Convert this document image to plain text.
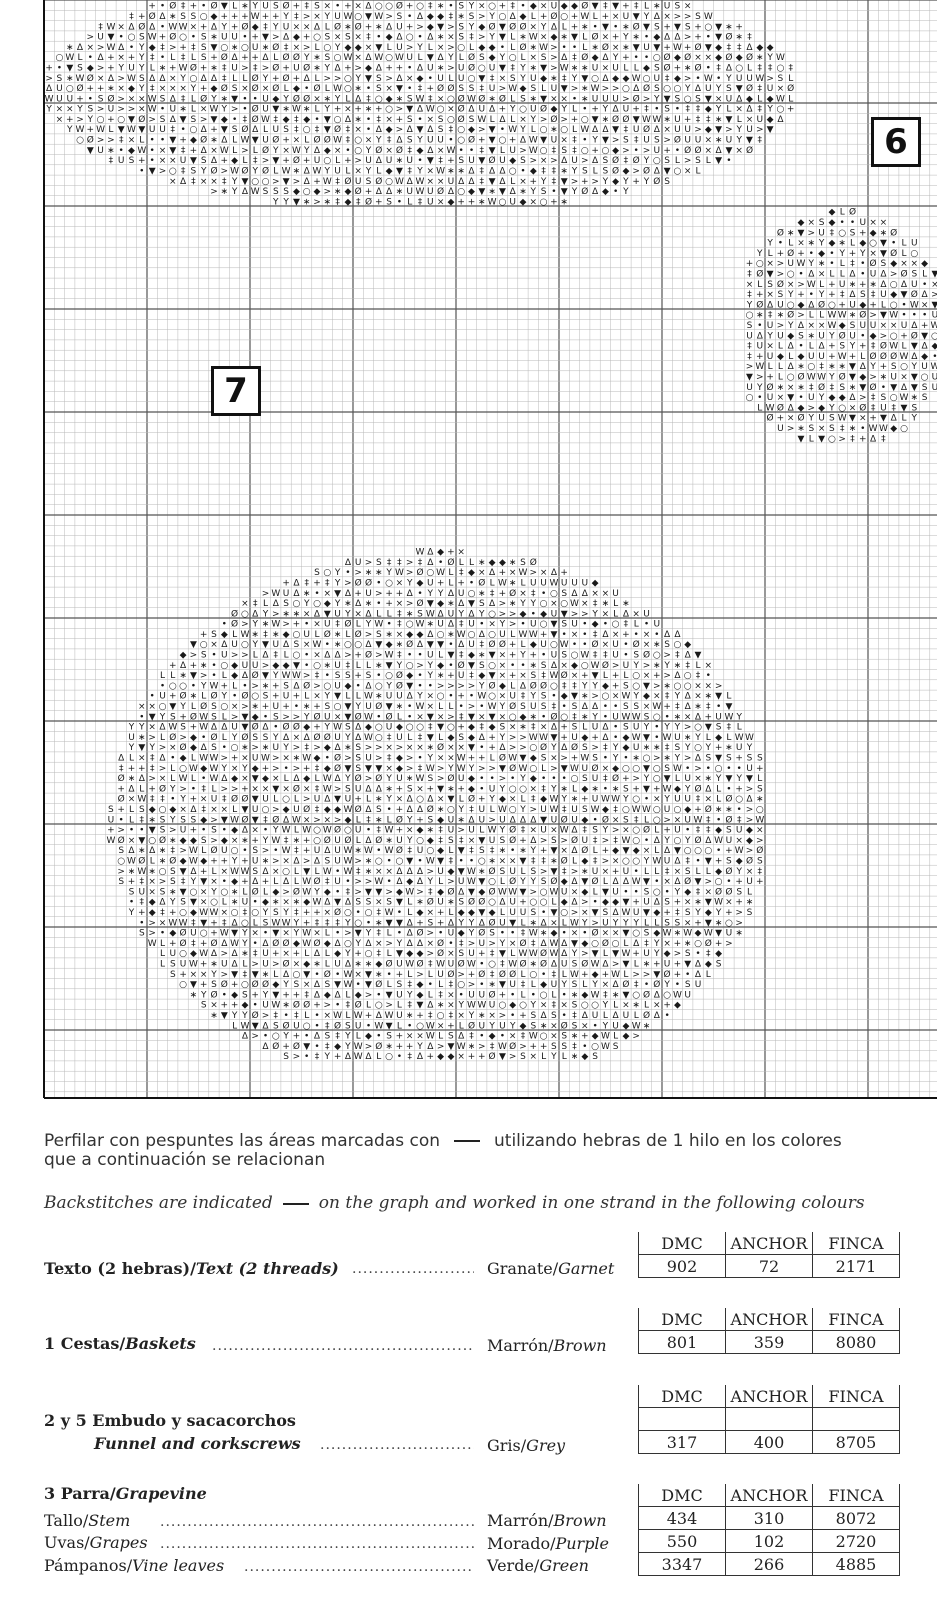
+ • Ø ‡ + • Ø ▼ L ∗ Y U S Ø + ‡ S × • + × Δ ○ ○ Ø + ○ ‡ ∗ • S Y × ○ + ‡ • ◆ × U ◆ ◆ Ø ▼ ‡ ▼ + ‡ L ∗ U S ×
‡ + Ø Δ ∗ S S ○ ◆ + + + W + + Y ‡ > × Y U W ○ ▼ W > S • Δ ◆ ◆ ‡ ∗ S > Y ○ Δ ◆ L + Ø ○ + W L + × U ▼ Y Δ × > > S W
‡ W × Δ Ø Δ • W W × + Δ Y + Ø ◆ ‡ Y U × × Δ L Ø ∗ Ø + ∗ Δ U + > ◆ ▼ > S Y ◆ Ø ▼ Ø Ø × Y Δ L + ∗ • ▼ • ∗ Ø ▼ S + ▼ S + ○ ▼ ∗ +
> U ▼ • ○ S W + Ø ○ • S ∗ U U • + ▼ > Δ ◆ + ○ S × S × ‡ • ◆ Δ ○ • Δ ∗ × S ‡ > Y ▼ L ∗ W × ◆ ∗ ▼ L Ø × + Y ∗ • ◆ Δ Δ > + • ▼ Ø ∗ ‡
∗ Δ × > W Δ • Y ◆ ‡ > + ‡ S ▼ ○ ∗ ○ U ∗ Ø ‡ × > L ○ Y ◆ ◆ × ▼ L U > Y L × > ○ L ◆ ◆ • L Ø ∗ W > • • L ∗ Ø × ∗ ▼ U ▼ + W + Ø ▼ ◆ ‡ ‡ Δ ◆ ◆
○ W L • Δ + × + Y ‡ • L ‡ L S + Ø Δ + + Δ L Ø Ø Y ∗ S ○ W × Δ W ○ W U L ▼ Δ Y L Ø S ◆ Y ○ L × S > Δ ‡ Ø ◆ Δ Y + • • ○ Ø ◆ Ø × × ◆ Ø ◆ Ø ∗ Y W
+ • ▼ S ◆ > + Y U Y L ∗ + W Ø + ∗ ‡ U > ‡ > Ø + U Ø ∗ Y Δ + > ◆ Δ + + • Δ U ∗ > U Ø ○ U ▼ ‡ Y ∗ ▼ > W ∗ ∗ U × U L L ◆ S Ø + ∗ Ø • ‡ Δ ○ L ‡ ‡ ○ ‡
> S ∗ W Ø × Δ > W S Δ Δ × Y ○ Δ Δ ‡ L L Ø Y + Ø + Δ L > > ○ Y ▼ S > Δ × ◆ • U L U ○ ▼ ‡ × S Y U ◆ ∗ ‡ Y ▼ ○ Δ ◆ ◆ W ○ U ‡ ◆ > • W • Y U U W > S L
Δ U ○ Ø + + ∗ × ◆ Y ‡ × × × Y + ◆ Ø S × Ø × Ø L ◆ • Ø L W ○ ∗ • S × ▼ • ‡ + Ø Ø S S ‡ U > W ◆ S L U ▼ > ∗ W > > ○ Δ Ø S ○ ○ Y Δ U Y S ▼ Ø ‡ U × Ø
W U U + • S Ø > × × W S Δ ‡ L Ø Y ∗ ▼ • • U ◆ Y Ø Ø × ∗ Y L Δ ‡ ○ ◆ ∗ S W ‡ × ○ Ø W Ø ∗ Ø L S ∗ ▼ × × • ∗ U U U > Ø > Y ▼ S ○ S ▼ × U Δ ◆ L ◆ W L
Y × × Y S > U > > × W • U ∗ L × W Y > • Ø U ▼ ∗ W ∗ L Y + × + ∗ + ○ > ▼ Δ W ○ × Ø Δ U Δ + Y ○ U Ø ◆ Y L • + Y Δ U + ‡ • S • ‡ ‡ ◆ Y L × Δ ‡ Y ○ +
× + > Y ○ + ○ ▼ Ø > S Δ ▼ S > ▼ ◆ • ‡ Ø W ‡ ◆ ‡ ◆ • ▼ ○ Δ ∗ • ‡ × + S • × S ○ Ø S W L Δ L × Y > Ø > + ○ ▼ ∗ Ø Ø ▼ W W ∗ U + ‡ ‡ ∗ ▼ L × U ◆ Δ
Y W + W L ▼ W ▼ U U ‡ • ○ Δ + ▼ S Ø Δ L U S ‡ ○ ‡ ▼ Ø ‡ × • Δ ◆ > Δ ▼ Δ S ‡ ○ ◆ > ▼ • W Y L ○ ∗ ○ L W Δ Δ ▼ ‡ U Ø Δ × U U > ◆ ▼ > Y U > ▼
○ Ø > > ‡ × L • • ▼ + ◆ Ø ∗ Δ L W ▼ U Ø + × L Ø Ø W ‡ ○ × Y ‡ Δ S Y U U • ○ Ø + ▼ ○ + Δ W ▼ U × ‡ • Y ▼ > S ‡ U S > Ø U U × ∗ U Y ▼ ‡
▼ U ∗ • ◆ W • × ▼ ‡ + Δ × W L > L Ø Y × W Y Δ ◆ × • ○ Y Ø × Ø ‡ ◆ Δ × W • • ‡ ▼ L U > W ○ ‡ S ‡ ○ + ○ ◆ > • > U + • Ø Ø × Δ ▼ × Ø
‡ U S + • × × U ▼ S Δ + ◆ L ‡ > ▼ + Ø + U ○ L + > U Δ U ∗ U • ▼ ‡ + S U ▼ Ø U ◆ S > × > Δ U > Δ S Ø ‡ Ø Y ○ S L > S L ▼ •
• ▼ > ○ ‡ S Y Ø > W Ø Y Ø L W ∗ Δ W Y U L × Y L ◆ ▼ ‡ Y × W ∗ ∗ Δ ‡ Δ Δ ○ • ◆ ‡ ‡ ∗ Y S L S Ø ◆ > Ø Δ ▼ ○ × L
× Δ ‡ × × ‡ Y ▼ ○ ○ > ▼ > Δ + W ‡ Ø U S Ø ○ W Δ W × × U Δ Δ ‡ ▼ Δ L × + Y ‡ ▼ > + > Y ◆ Y + Y Ø S
> ∗ Y Δ W S S S ◆ ○ ◆ > ∗ ◆ Ø + Δ Δ ∗ U W U Ø Δ ○ ◆ ▼ ∗ ▼ Δ ∗ Y S • ▼ Y Ø Δ ◆ • Y
Y Y ▼ ∗ > ∗ ‡ ◆ ‡ Ø + S • L ‡ U × ◆ + + ∗ W ○ U ◆ × ○ + ∗
◆ L Ø
◆ × S ◆ • • U × ×
Ø ∗ ▼ > U ‡ ○ S + ◆ ∗ Ø
Y • L × ∗ Y ◆ ∗ L ◆ ○ ▼ • L U
Y L + Ø + • ◆ • Y + Y × ▼ Ø L ○
+ ○ × > U W Y ∗ • L ‡ • Ø S ◆ × × ◆
‡ Ø ▼ > ○ • Δ × L L Δ • U Δ > Ø S L ▼
× L S Ø × > W L + U ∗ + ∗ Δ ○ Δ U • ×
‡ + × S Y + • Y + ‡ Δ S ‡ U ◆ ▼ Ø Δ >
Y Ø Δ U ○ ◆ Δ Ø ○ + U ◆ + L ○ • W × ▼
○ ∗ ‡ ∗ Ø > L L W W ∗ Ø > ▼ W • • • U
S • U > Y Δ × × W ◆ S U U × × U Δ + W
U Δ Y U ◆ S ∗ U Y Ø U • ◆ > ○ + Ø ▼ ○
‡ U × L Δ • L Δ + S Y + ‡ Ø W L ▼ Δ ◆
‡ + U ◆ L ◆ U U + W + L Ø Ø Ø W Δ ◆
> W L L Δ ∗ ○ ‡ ∗ ∗ ▼ Δ Y + S ○ Y U W
▼ > + L ○ Ø W W Y Ø ▼ ◆ > ∗ U × ▼ ○ U
U Y Ø ∗ × ∗ ‡ Ø ‡ S ∗ ▼ Ø • ▼ Δ ▼ S U
○ • U × ▼ • U Y ◆ ◆ Δ > ‡ S ○ W ∗ S
L W Ø Δ ◆ > ◆ Y ○ × Ø ‡ U ‡ ▼ S
Ø + × Ø Y U S W ▼ × + ▼ Δ L Y
U > ∗ S × S ‡ ∗ • W W ◆ ○
▼ L ▼ ○ > ‡ + Δ ‡
W Δ ◆ + ×
Δ U > S ‡ ‡ > ‡ Δ • Ø L L ∗ ◆ ◆ ∗ S Ø
S ○ Y • > ∗ ∗ Y W > Ø ○ W L ‡ ◆ × Δ + × W > × Δ +
+ Δ ‡ + ‡ Y > Ø Ø • ○ × Y ◆ U + L + • Ø L W ∗ L U U W U U U ◆
> W U Δ ∗ • × ▼ Δ + U > + + Δ • Y Y Δ U ○ ∗ ‡ + Ø × ‡ • ○ S Δ Δ × × U
× ‡ L Δ S ○ Y ○ ◆ Y ∗ Δ ∗ • + × > Ø ▼ ◆ ∗ Δ ▼ S Δ > ∗ Y Y ○ × ○ W × ‡ ∗ L ∗
Ø ○ Δ Y > ∗ ∗ × Δ ▼ U Y × Δ L L ‡ ∗ S W Δ U Y Δ Y ○ > > ◆ • ◆ U ▼ > > Y × L Δ × U
• Ø > Y ∗ W > + • × U ‡ Ø L Y W • ‡ ○ W ∗ U Δ ‡ U • × Y > • U ○ ▼ S U • ◆ • ○ ‡ L • U
+ S ◆ L W ∗ ‡ ∗ ◆ ○ U L Ø ∗ L Ø > S ∗ × ◆ ◆ Δ ○ ∗ W ○ Δ ○ U L W W + ▼ • × • ‡ Δ × + • × • Δ Δ
▼ ○ × Δ U ○ Y ▼ U Δ S × W • ∗ ○ ○ Δ ▼ ◆ ∗ Ø Δ ▼ ▼ • Δ U ‡ Ø Ø + L ◆ U ○ W • • Ø × U • Ø × ∗ S ○ ◆
◆ > S • U > > L Δ ‡ L ○ • × Δ Δ > + Ø > W ‡ • • U L ▼ ‡ ◆ ∗ ▼ × + Y + • U S ○ W ‡ ‡ U • S Ø ○ > ‡ Δ ▼
+ Δ + ∗ • ○ ◆ U U > ◆ ◆ ▼ • ○ ∗ U ‡ L L ∗ ▼ Y ○ > Y ◆ • Ø ▼ S ○ × • • ∗ S Δ × ◆ ○ W Ø > U Y > ∗ Y ∗ ‡ L ×
L L ∗ ▼ > • L ◆ Δ Ø ▼ Y W W > ‡ • S S + S • ○ Ø ◆ • Y ∗ + U ‡ ◆ ▼ × + × S ‡ W Ø × + ▼ L + L ○ × + > Δ ○ ‡ •
• ○ ○ • Y W + L • > ∗ + S Δ Ø > ○ U ◆ • Δ ○ Y Ø ▼ • • > > > > Y Ø ◆ L Δ Ø Ø ○ ‡ ‡ Y Y ◆ + S ○ ▼ > ∗ ○ ○ × × >
• U + Ø ∗ L Ø Y • Ø ○ S + U + L × Y ▼ L L W ∗ U U Δ Y × ○ • + • W ○ × U ‡ Y S • ◆ ▼ ∗ > ○ × W Y ◆ × ‡ Y Δ × ∗ ▼ L
× × ○ ▼ Y L Ø S ○ × > ∗ + U + • ∗ + S ○ ▼ Y U Ø ▼ ∗ • W × L L • > • W Y Ø S U S ‡ • S Δ Δ • • S S × W + ‡ Δ ∗ ‡ • ▼
• ▼ Y S + Ø W S L > ▼ ◆ • S > > Y Ø U × ▼ Ø W • Ø L • × ▼ × > ‡ ▼ × ▼ × ○ ◆ ∗ • Ø ○ ‡ ∗ Y • U W W S ○ • ∗ × Δ + U W Y
Y Y × Δ W S + W Δ Δ U ▼ Ø Δ • Ø Ø ◆ + Y W S Δ ◆ ○ U ◆ ○ ○ ‡ ▼ ○ + ◆ ‡ ◆ S × ∗ ‡ × Δ + S L U Δ • S U Y • Y Y > ○ ▼ S ‡ L
U ∗ > L Ø > ◆ • Ø L Y Ø S S Y Δ × Δ Ø Ø U Y Δ W ○ ‡ U L ‡ ▼ L ◆ S ◆ Δ + Y > > W W ▼ + U ◆ + Δ • ◆ W ▼ • W U ∗ Y L ◆ L W W
Y ▼ Y > × Ø ◆ Δ S • ○ ∗ > ∗ U Y > ‡ > ◆ Δ ∗ S > > × > × × ∗ Ø × × ▼ • + Δ > > ○ Ø Y Δ Ø S > ‡ Y ◆ U ∗ ∗ ‡ S Y ○ Y + ∗ U Y
Δ L × ‡ Δ • ◆ L W W > + × U W > × ∗ W ◆ • Ø > S U > ‡ ◆ > • Y × × W + + L Ø W ▼ ◆ S × > + W S • Y • ∗ ○ > ∗ Y > Δ S ▼ S + S S
‡ + + ‡ > L ○ W ◆ W Y × Y ◆ + > • > + ‡ ◆ Ø ▼ S ▼ ▼ × ◆ > ‡ W > Y W Y > > ▼ Ø W ○ L > ▼ W U Ø × ◆ ○ ○ ▼ ○ S W • > • ○ • • U +
Ø ∗ Δ > × L W L • W Δ ◆ × ▼ ◆ × L Δ ◆ L W Δ Y Ø > Ø Y U ∗ W S > Ø U ◆ • • > • Y ◆ • • • ○ S U ‡ Ø + > Y ○ ▼ L U × ∗ Y ▼ Y ▼ L
+ Δ L + Ø Y > • ‡ L > > + × × ▼ × Ø × ‡ W > S U Δ Δ ∗ + S × + ▼ ∗ + ◆ • U Y ○ ○ × ‡ Y ∗ L ◆ ∗ • ∗ S + ▼ + W ◆ Y Ø Δ L • + > S
Ø × W ‡ ‡ • Y + × U ‡ Ø Ø ▼ U L ○ L > U Δ ▼ U + L ∗ Y × Δ ○ Δ × ▼ L Ø + Y ◆ × L ‡ ◆ W Y ∗ + U W W Y ○ • × Y U U ‡ × L Ø ○ Δ ∗
S + L S ◆ ○ ◆ × Δ ‡ × × L ▼ U ○ > ◆ U Ø ‡ ◆ ◆ W Ø Δ S • + Δ Δ Ø ∗ ○ Y ‡ U L W ○ Y > U W ‡ U S W ◆ ‡ ○ W W ○ U ○ ◆ + Ø ∗ ∗ • > ○
U • L ‡ ∗ S Y S S ◆ > ▼ W Ø ▼ ‡ Ø Δ W × > × > ◆ L ‡ ∗ L Ø Y + S ◆ U ∗ Δ U > U Δ Δ Δ ▼ U Ø U ◆ • Ø × S ‡ L ○ > × U W ‡ • Ø ‡ > W
+ > • • ▼ S > U + • S • ◆ Δ × • Y W L W ○ W Ø ○ U • ‡ W + × ◆ ∗ ‡ U > U L W Y Ø ‡ × U × W Δ ‡ S Y > × ○ Ø L + U • ‡ ‡ ◆ S U ◆ ×
W Ø × ▼ ○ Ø ∗ ◆ ◆ S > ◆ × ∗ + Y W ‡ ∗ + ○ Ø U Ø L Δ Ø ∗ U Y ○ ◆ ‡ S ‡ × ▼ U S Ø + Δ > S > Ø U ‡ > ‡ W ○ • Δ Y ○ Y Ø Δ W U × ◆ >
S Δ ∗ Δ ∗ ‡ > W L Ø U ○ • S > • W ‡ + U Δ U W ∗ W • W Ø ‡ U ○ ◆ L ▼ ‡ S ‡ ∗ • ∗ Y + ▼ × Δ Ø L + ◆ ▼ ◆ × L Δ ▼ ○ ○ ○ • + W > Ø
○ W Ø L ∗ Ø ◆ W ◆ + + Y + U ∗ > × Δ > Δ S U W > ∗ ○ • ○ ▼ • W ▼ ‡ • • ○ ∗ × × ▼ ‡ ‡ ∗ Ø L ◆ ‡ > × ○ ○ Y W U Δ ‡ • ▼ + S ◆ Ø S
> ∗ W ∗ ○ S ▼ Δ + L × W W S Δ × ○ L ▼ L W • W ‡ ∗ × × Δ Δ Δ > U ◆ ▼ W ∗ Ø S U L S > ▼ ‡ > ∗ U × + U • L L ‡ × S L L ◆ Ø Y × ‡
S + ‡ × > S ‡ Y ▼ × • ◆ + Δ + L Δ L W Ø ‡ U • > > W • Δ ◆ Δ Y L > U W ▼ ○ L Ø Y Y S Ø ◆ Δ ▼ Ø L Δ Δ W ▼ • × Δ Ø ▼ > ○ • + U +
S U × S ∗ ▼ ○ × Y ○ ∗ L Ø L ◆ > Ø W Y ◆ • ‡ > ▼ ▼ > ◆ W > ‡ ◆ Ø Δ ▼ ◆ Ø W W ▼ > ○ W U × ◆ L ▼ U • • S ○ • Y ◆ ‡ × Ø Ø S L
• ‡ ◆ Δ Y S ▼ × ○ L ∗ U • ◆ ∗ × ∗ ◆ W Δ ▼ Δ S S × S ▼ L ∗ Ø U ∗ S Ø Ø ○ Δ U + ○ ○ L ◆ Δ > • ◆ ◆ ▼ + U Δ S + × ∗ ▼ W × + ∗
Y + ◆ ‡ + ○ ◆ W W × ○ ‡ ○ Y S Y ‡ + + × Ø ○ • ○ ‡ W • L ◆ × + L ◆ ◆ ▼ ◆ L U U S • ▼ ○ > × ▼ S Δ W U ▼ ◆ + ‡ S Y ◆ Y + > S
• > × W W ‡ ▼ + ‡ Δ ○ L S W W Y + ‡ ‡ ‡ Y ○ • ∗ ▼ ▼ Δ + S + Δ Y Y Δ Ø U ▼ L ∗ Δ × L W Y > U Y Y Y L L S S × + ▼ ∗ ○ >
S > • ◆ Ø U ○ + W ▼ Y × • ▼ × Y W × L • > ▼ Y ‡ L • Δ Ø > • U ◆ Y Ø S • • ‡ W ∗ ◆ • × • Ø × × ▼ ○ S ◆ W ∗ W ◆ W ▼ U ∗
W L + Ø ‡ + Ø Δ W Y • Δ Ø Ø ◆ W Ø ◆ Δ ○ Y Δ × > Y Δ Δ × Ø • ‡ > U > Y × Ø ‡ Δ W Δ ▼ ◆ ○ Ø ○ L Δ ‡ Y × + ∗ ○ Ø + >
L U ○ ◆ W Δ > Δ ∗ ‡ U + × + L Δ L ◆ Y + ○ ‡ L ▼ ◆ ◆ > Ø × S U + ‡ ▼ L W W Ø W Δ Y > ▼ L ▼ W + U Y ◆ > S • ‡ ◆
L S U W + ∗ U Δ L > U > Ø × ◆ ∗ L U Δ ∗ ∗ ◆ Ø U W Ø ‡ W U Ø W • ○ ‡ W Ø ∗ Ø Δ U S Ø W Δ > ▼ L ∗ + U + ▼ Δ ◆ S
S + × × Y > ▼ ‡ ▼ ∗ L Δ ○ ▼ • Ø • W × ▼ ∗ • + L > L U Ø > + Ø ‡ Ø Ø L ○ • ‡ L W + ◆ + W L > > ▼ Ø + • Δ L
○ ▼ + S Ø + ○ Ø Ø ◆ Y S × Δ S ▼ W • ▼ Ø L S ‡ ◆ • L ‡ ○ > • ∗ ▼ U ‡ L ◆ U Y S L Y × Δ Ø ‡ • Ø Y • S U
∗ Y Ø • ◆ S + Y ▼ + + ‡ Δ ◆ Δ L ◆ > • ▼ U Y ◆ L ‡ × • U U Ø + • L • ○ L • ∗ ◆ W ‡ ∗ ▼ ○ Ø Δ ○ W U
S × + + ◆ • U W ∗ Ø Ø + > • ‡ Ø L ○ > L ‡ ▼ Δ ∗ × Y W W U ○ ◆ ○ Y × ‡ × S ○ ○ Y L × ∗ L × + ◆
∗ ▼ Y Y Ø > ‡ • ‡ L • × W L W + Δ W U ∗ + ‡ ○ ‡ × Y ∗ × > • + S Δ S • ‡ Δ U L Δ U L Ø Δ •
L W ▼ Δ S Ø U ○ • ‡ Ø S U • W ▼ L • ○ W × + L Ø U Y U Y ◆ S ∗ × Ø S × • Y U ◆ W ∗
Δ > • ○ Y + • Δ S ‡ Y L ◆ • S + × × W L S Δ ‡ • ◆ • × ‡ W ○ × S ∗ + ◆ W L ◆ >
Δ Ø + Ø ▼ • ‡ ◆ Y W > Ø ∗ + + Y Δ > ▼ W ∗ > ‡ W Ø > + + S S ‡ • ○ W S
S > • ‡ Y + Δ W Δ L ○ • ‡ Δ + ◆ ◆ × + + Ø ▼ > S × L Y L ∗ ◆ S
6
7
Perfilar con pespuntes las áreas marcadas con	utilizando hebras de 1 hilo en los colores
que a continuación se relacionan
Backstitches are indicated	on the graph and worked in one strand in the following colours
DMC	ANCHOR	FINCA
902	72	2171
Texto (2 hebras)/Text (2 threads) ...................... Granate/Garnet
DMC	ANCHOR	FINCA
801	359	8080
1 Cestas/Baskets ................................................ Marrón/Brown
DMC	ANCHOR	FINCA

317	400	8705
2 y 5 Embudo y sacacorchos
Funnel and corkscrews ............................ Gris/Grey
DMC	ANCHOR	FINCA
434	310	8072
550	102	2720
3347	266	4885
3 Parra/Grapevine
Tallo/Stem ......................................................... Marrón/Brown
Uvas/Grapes ......................................................... Morado/Purple
Pámpanos/Vine leaves .......................................... Verde/Green
